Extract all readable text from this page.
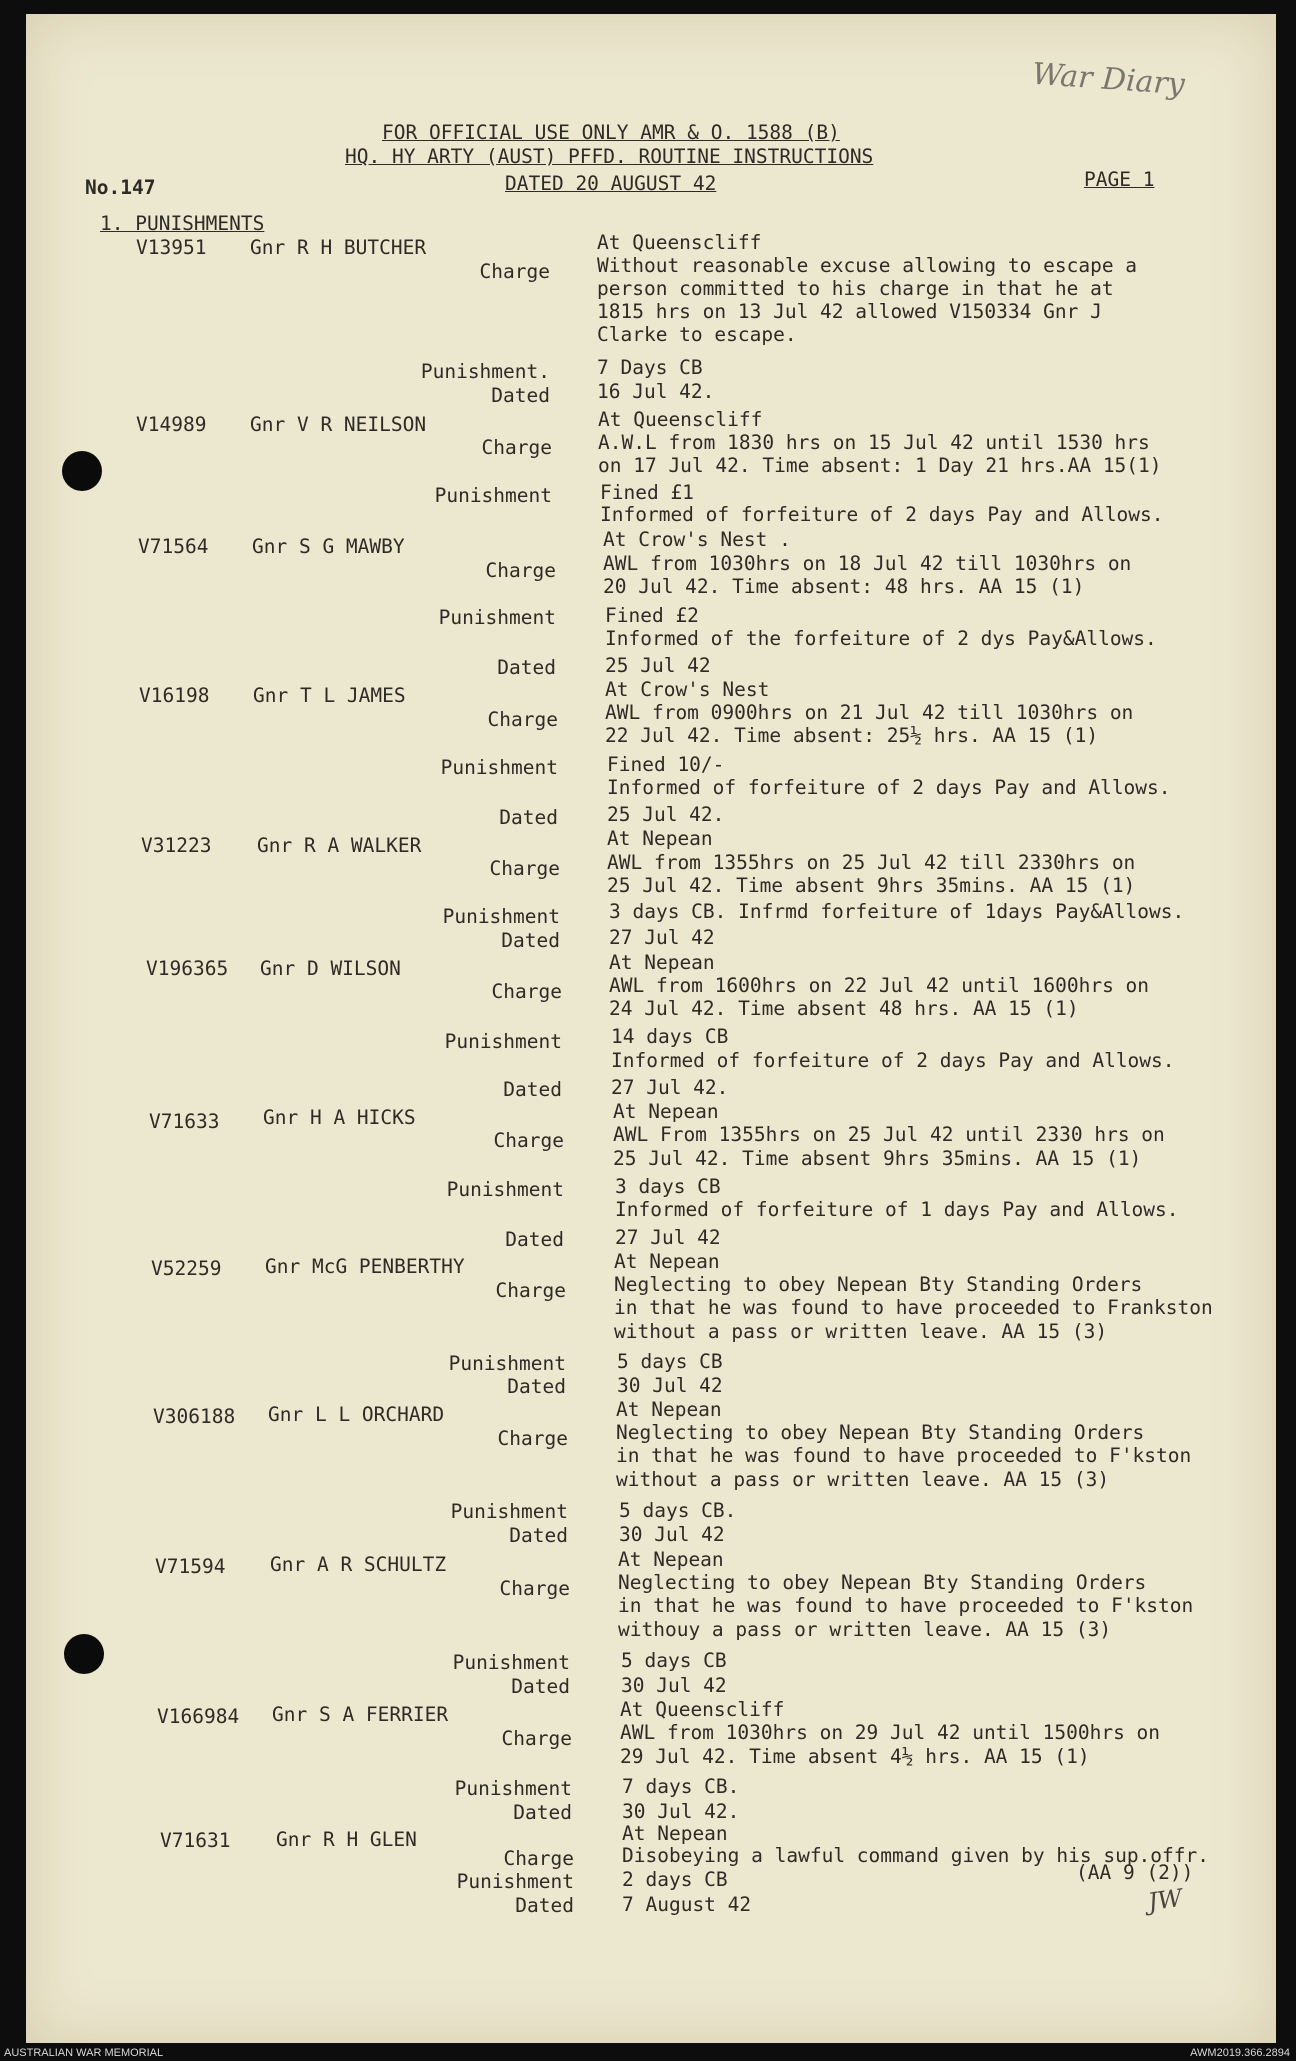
War Diary
FOR OFFICIAL USE ONLY AMR & O. 1588 (B)
HQ. HY ARTY (AUST) PFFD. ROUTINE INSTRUCTIONS
DATED 20 AUGUST 42
No.147	PAGE 1
1. PUNISHMENTS
V13951 Gnr R H BUTCHER	At Queenscliff
Charge Without reasonable excuse allowing to escape a
person committed to his charge in that he at
1815 hrs on 13 Jul 42 allowed V150334 Gnr J
Clarke to escape.
Punishment. 7 Days CB
Dated 16 Jul 42.
V14989 Gnr V R NEILSON	At Queenscliff
Charge A.W.L from 1830 hrs on 15 Jul 42 until 1530 hrs
on 17 Jul 42. Time absent: 1 Day 21 hrs.AA 15(1)
Punishment Fined £1
Informed of forfeiture of 2 days Pay and Allows.
V71564 Gnr S G MAWBY	At Crow's Nest .
Charge AWL from 1030hrs on 18 Jul 42 till 1030hrs on
20 Jul 42. Time absent: 48 hrs. AA 15 (1)
Punishment	Fined £2
Informed of the forfeiture of 2 dys Pay&Allows.
Dated	25 Jul 42
V16198 Gnr T L JAMES	At Crow's Nest
Charge AWL from 0900hrs on 21 Jul 42 till 1030hrs on
22 Jul 42. Time absent: 25½ hrs. AA 15 (1)
Punishment	Fined 10/-
Informed of forfeiture of 2 days Pay and Allows.
Dated	25 Jul 42.
V31223 Gnr R A WALKER	At Nepean
Charge AWL from 1355hrs on 25 Jul 42 till 2330hrs on
25 Jul 42. Time absent 9hrs 35mins. AA 15 (1)
Punishment	3 days CB. Infrmd forfeiture of 1days Pay&Allows.
Dated	27 Jul 42
V196365 Gnr D WILSON	At Nepean
Charge AWL from 1600hrs on 22 Jul 42 until 1600hrs on
24 Jul 42. Time absent 48 hrs. AA 15 (1)
Punishment	14 days CB
Informed of forfeiture of 2 days Pay and Allows.
Dated	27 Jul 42.
V71633 Gnr H A HICKS	At Nepean
Charge	AWL From 1355hrs on 25 Jul 42 until 2330 hrs on
25 Jul 42. Time absent 9hrs 35mins. AA 15 (1)
Punishment	3 days CB
Informed of forfeiture of 1 days Pay and Allows.
Dated	27 Jul 42
V52259 Gnr McG PENBERTHY	At Nepean
Charge Neglecting to obey Nepean Bty Standing Orders
in that he was found to have proceeded to Frankston
without a pass or written leave. AA 15 (3)
Punishment	5 days CB
Dated	30 Jul 42
V306188 Gnr L L ORCHARD	At Nepean
Charge Neglecting to obey Nepean Bty Standing Orders
in that he was found to have proceeded to F'kston
without a pass or written leave. AA 15 (3)
Punishment	5 days CB.
Dated	30 Jul 42
V71594 Gnr A R SCHULTZ	At Nepean
Charge Neglecting to obey Nepean Bty Standing Orders
in that he was found to have proceeded to F'kston
withouy a pass or written leave. AA 15 (3)
Punishment	5 days CB
Dated	30 Jul 42
V166984 Gnr S A FERRIER	At Queenscliff
Charge AWL from 1030hrs on 29 Jul 42 until 1500hrs on
29 Jul 42. Time absent 4½ hrs. AA 15 (1)
Punishment	7 days CB.
Dated	30 Jul 42.
V71631 Gnr R H GLEN	At Nepean
Charge Disobeying a lawful command given by his sup.offr.
(AA 9 (2))
Punishment 2 days CB
Dated 7 August 42	JW
AUSTRALIAN WAR MEMORIAL	AWM2019.366.2894
